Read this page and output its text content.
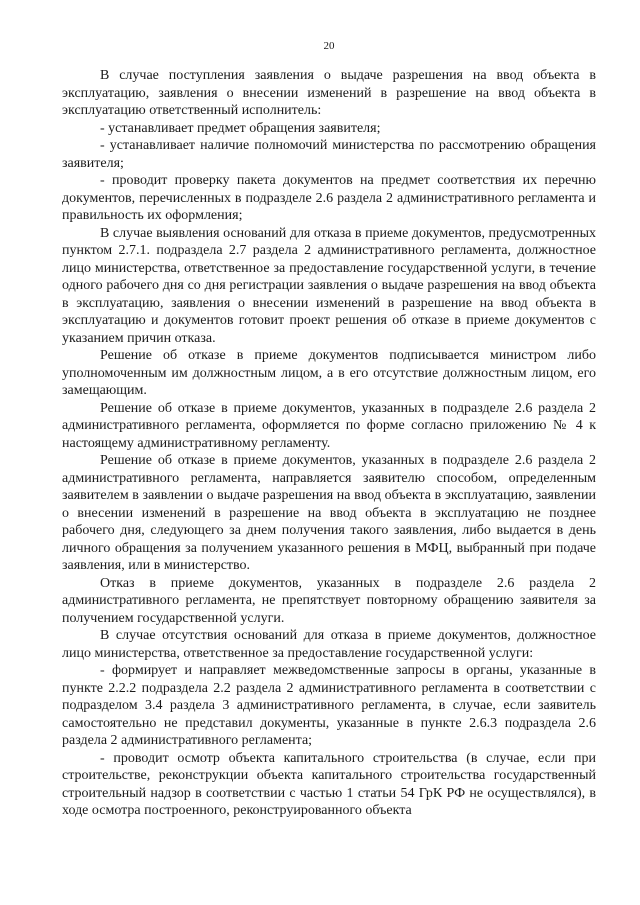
20

В случае поступления заявления о выдаче разрешения на ввод объекта в эксплуатацию, заявления о внесении изменений в разрешение на ввод объекта в эксплуатацию ответственный исполнитель:

- устанавливает предмет обращения заявителя;

- устанавливает наличие полномочий министерства по рассмотрению обращения заявителя;

- проводит проверку пакета документов на предмет соответствия их перечню документов, перечисленных в подразделе 2.6 раздела 2 административного регламента и правильность их оформления;

В случае выявления оснований для отказа в приеме документов, предусмотренных пунктом 2.7.1. подраздела 2.7 раздела 2 административного регламента, должностное лицо министерства, ответственное за предоставление государственной услуги, в течение одного рабочего дня со дня регистрации заявления о выдаче разрешения на ввод объекта в эксплуатацию, заявления о внесении изменений в разрешение на ввод объекта в эксплуатацию и документов готовит проект решения об отказе в приеме документов с указанием причин отказа.

Решение об отказе в приеме документов подписывается министром либо уполномоченным им должностным лицом, а в его отсутствие должностным лицом, его замещающим.

Решение об отказе в приеме документов, указанных в подразделе 2.6 раздела 2 административного регламента, оформляется по форме согласно приложению № 4 к настоящему административному регламенту.

Решение об отказе в приеме документов, указанных в подразделе 2.6 раздела 2 административного регламента, направляется заявителю способом, определенным заявителем в заявлении о выдаче разрешения на ввод объекта в эксплуатацию, заявлении о внесении изменений в разрешение на ввод объекта в эксплуатацию не позднее рабочего дня, следующего за днем получения такого заявления, либо выдается в день личного обращения за получением указанного решения в МФЦ, выбранный при подаче заявления, или в министерство.

Отказ в приеме документов, указанных в подразделе 2.6 раздела 2 административного регламента, не препятствует повторному обращению заявителя за получением государственной услуги.

В случае отсутствия оснований для отказа в приеме документов, должностное лицо министерства, ответственное за предоставление государственной услуги:

- формирует и направляет межведомственные запросы в органы, указанные в пункте 2.2.2 подраздела 2.2 раздела 2 административного регламента в соответствии с подразделом 3.4 раздела 3 административного регламента, в случае, если заявитель самостоятельно не представил документы, указанные в пункте 2.6.3 подраздела 2.6 раздела 2 административного регламента;

- проводит осмотр объекта капитального строительства (в случае, если при строительстве, реконструкции объекта капитального строительства государственный строительный надзор в соответствии с частью 1 статьи 54 ГрК РФ не осуществлялся), в ходе осмотра построенного, реконструированного объекта
